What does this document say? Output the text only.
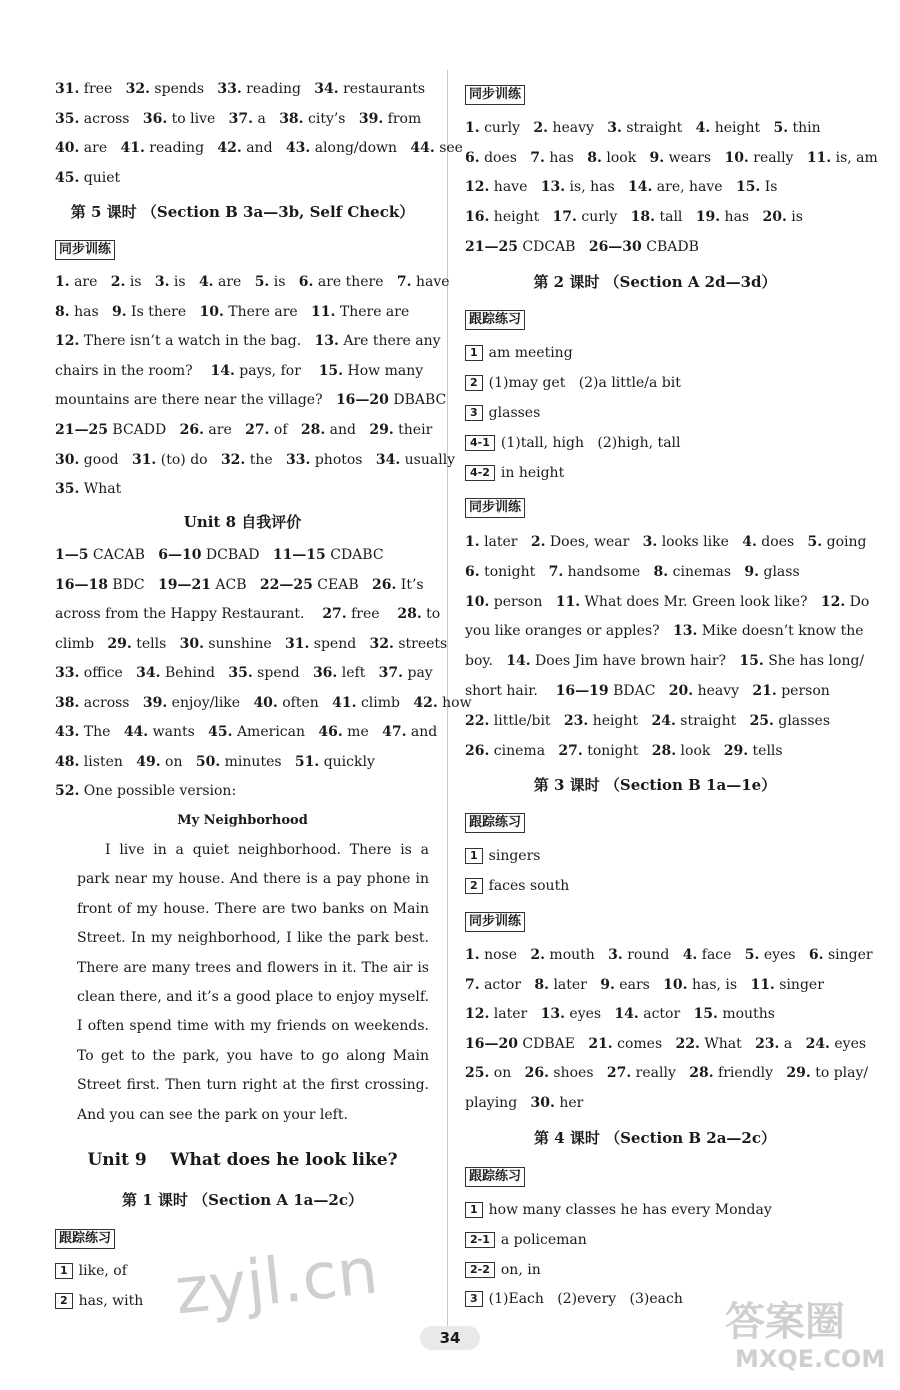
31. free   32. spends   33. reading   34. restaurants
35. across   36. to live   37. a   38. city’s   39. from
40. are   41. reading   42. and   43. along/down   44. see
45. quiet
第 5 课时 （Section B 3a—3b, Self Check）
同步训练
1. are   2. is   3. is   4. are   5. is   6. are there   7. have
8. has   9. Is there   10. There are   11. There are
12. There isn’t a watch in the bag.   13. Are there any
chairs in the room?    14. pays, for    15. How many
mountains are there near the village?   16—20 DBABC
21—25 BCADD   26. are   27. of   28. and   29. their
30. good   31. (to) do   32. the   33. photos   34. usually
35. What
Unit 8 自我评价
1—5 CACAB   6—10 DCBAD   11—15 CDABC
16—18 BDC   19—21 ACB   22—25 CEAB   26. It’s
across from the Happy Restaurant.    27. free    28. to
climb   29. tells   30. sunshine   31. spend   32. streets
33. office   34. Behind   35. spend   36. left   37. pay
38. across   39. enjoy/like   40. often   41. climb   42. how
43. The   44. wants   45. American   46. me   47. and
48. listen   49. on   50. minutes   51. quickly
52. One possible version:
My Neighborhood

I live in a quiet neighborhood. There is a park near my house. And there is a pay phone in front of my house. There are two banks on Main Street. In my neighborhood, I like the park best. There are many trees and flowers in it. The air is clean there, and it’s a good place to enjoy myself. I often spend time with my friends on weekends. To get to the park, you have to go along Main Street first. Then turn right at the first crossing. And you can see the park on your left.

Unit 9    What does he look like?
第 1 课时 （Section A 1a—2c）
跟踪练习
1 like, of
2 has, with
同步训练
1. curly   2. heavy   3. straight   4. height   5. thin
6. does   7. has   8. look   9. wears   10. really   11. is, am
12. have   13. is, has   14. are, have   15. Is
16. height   17. curly   18. tall   19. has   20. is
21—25 CDCAB   26—30 CBADB
第 2 课时 （Section A 2d—3d）
跟踪练习
1 am meeting
2 (1)may get   (2)a little/a bit
3 glasses
4-1 (1)tall, high   (2)high, tall
4-2 in height
同步训练
1. later   2. Does, wear   3. looks like   4. does   5. going
6. tonight   7. handsome   8. cinemas   9. glass
10. person   11. What does Mr. Green look like?   12. Do
you like oranges or apples?   13. Mike doesn’t know the
boy.   14. Does Jim have brown hair?   15. She has long/
short hair.    16—19 BDAC   20. heavy   21. person
22. little/bit   23. height   24. straight   25. glasses
26. cinema   27. tonight   28. look   29. tells
第 3 课时 （Section B 1a—1e）
跟踪练习
1 singers
2 faces south
同步训练
1. nose   2. mouth   3. round   4. face   5. eyes   6. singer
7. actor   8. later   9. ears   10. has, is   11. singer
12. later   13. eyes   14. actor   15. mouths
16—20 CDBAE   21. comes   22. What   23. a   24. eyes
25. on   26. shoes   27. really   28. friendly   29. to play/
playing   30. her
第 4 课时 （Section B 2a—2c）
跟踪练习
1 how many classes he has every Monday
2-1 a policeman
2-2 on, in
3 (1)Each   (2)every   (3)each
34
zyjl.cn	答案圈
MXQE.COM
